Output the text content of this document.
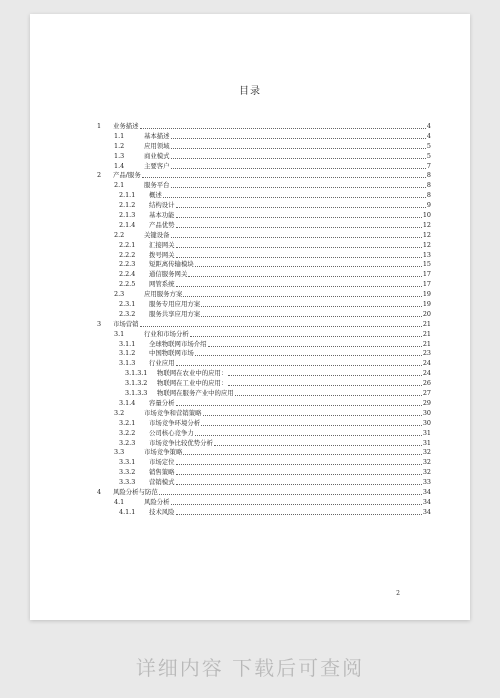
目录
1	业务描述	4
1.1	基本描述	4
1.2	应用领域	5
1.3	商业模式	5
1.4	主要客户	7
2	产品/服务	8
2.1	服务平台	8
2.1.1	概述	8
2.1.2	结构设计	9
2.1.3	基本功能	10
2.1.4	产品优势	12
2.2	关键设备	12
2.2.1	汇接网关	12
2.2.2	拨号网关	13
2.2.3	短距离传输模块	15
2.2.4	通信服务网关	17
2.2.5	网管系统	17
2.3	应用服务方案	19
2.3.1	服务专用应用方案	19
2.3.2	服务共享应用方案	20
3	市场营销	21
3.1	行业和市场分析	21
3.1.1	全球物联网市场介绍	21
3.1.2	中国物联网市场	23
3.1.3	行业应用	24
3.1.3.1	物联网在农业中的应用：	24
3.1.3.2	物联网在工业中的应用：	26
3.1.3.3	物联网在服务产业中的应用	27
3.1.4	容量分析	29
3.2	市场竞争和营销策略	30
3.2.1	市场竞争环境分析	30
3.2.2	公司核心竞争力	31
3.2.3	市场竞争比较优势分析	31
3.3	市场竞争策略	32
3.3.1	市场定位	32
3.3.2	销售策略	32
3.3.3	营销模式	33
4	风险分析与防范	34
4.1	风险分析	34
4.1.1	技术风险	34
2
详细内容 下载后可查阅
